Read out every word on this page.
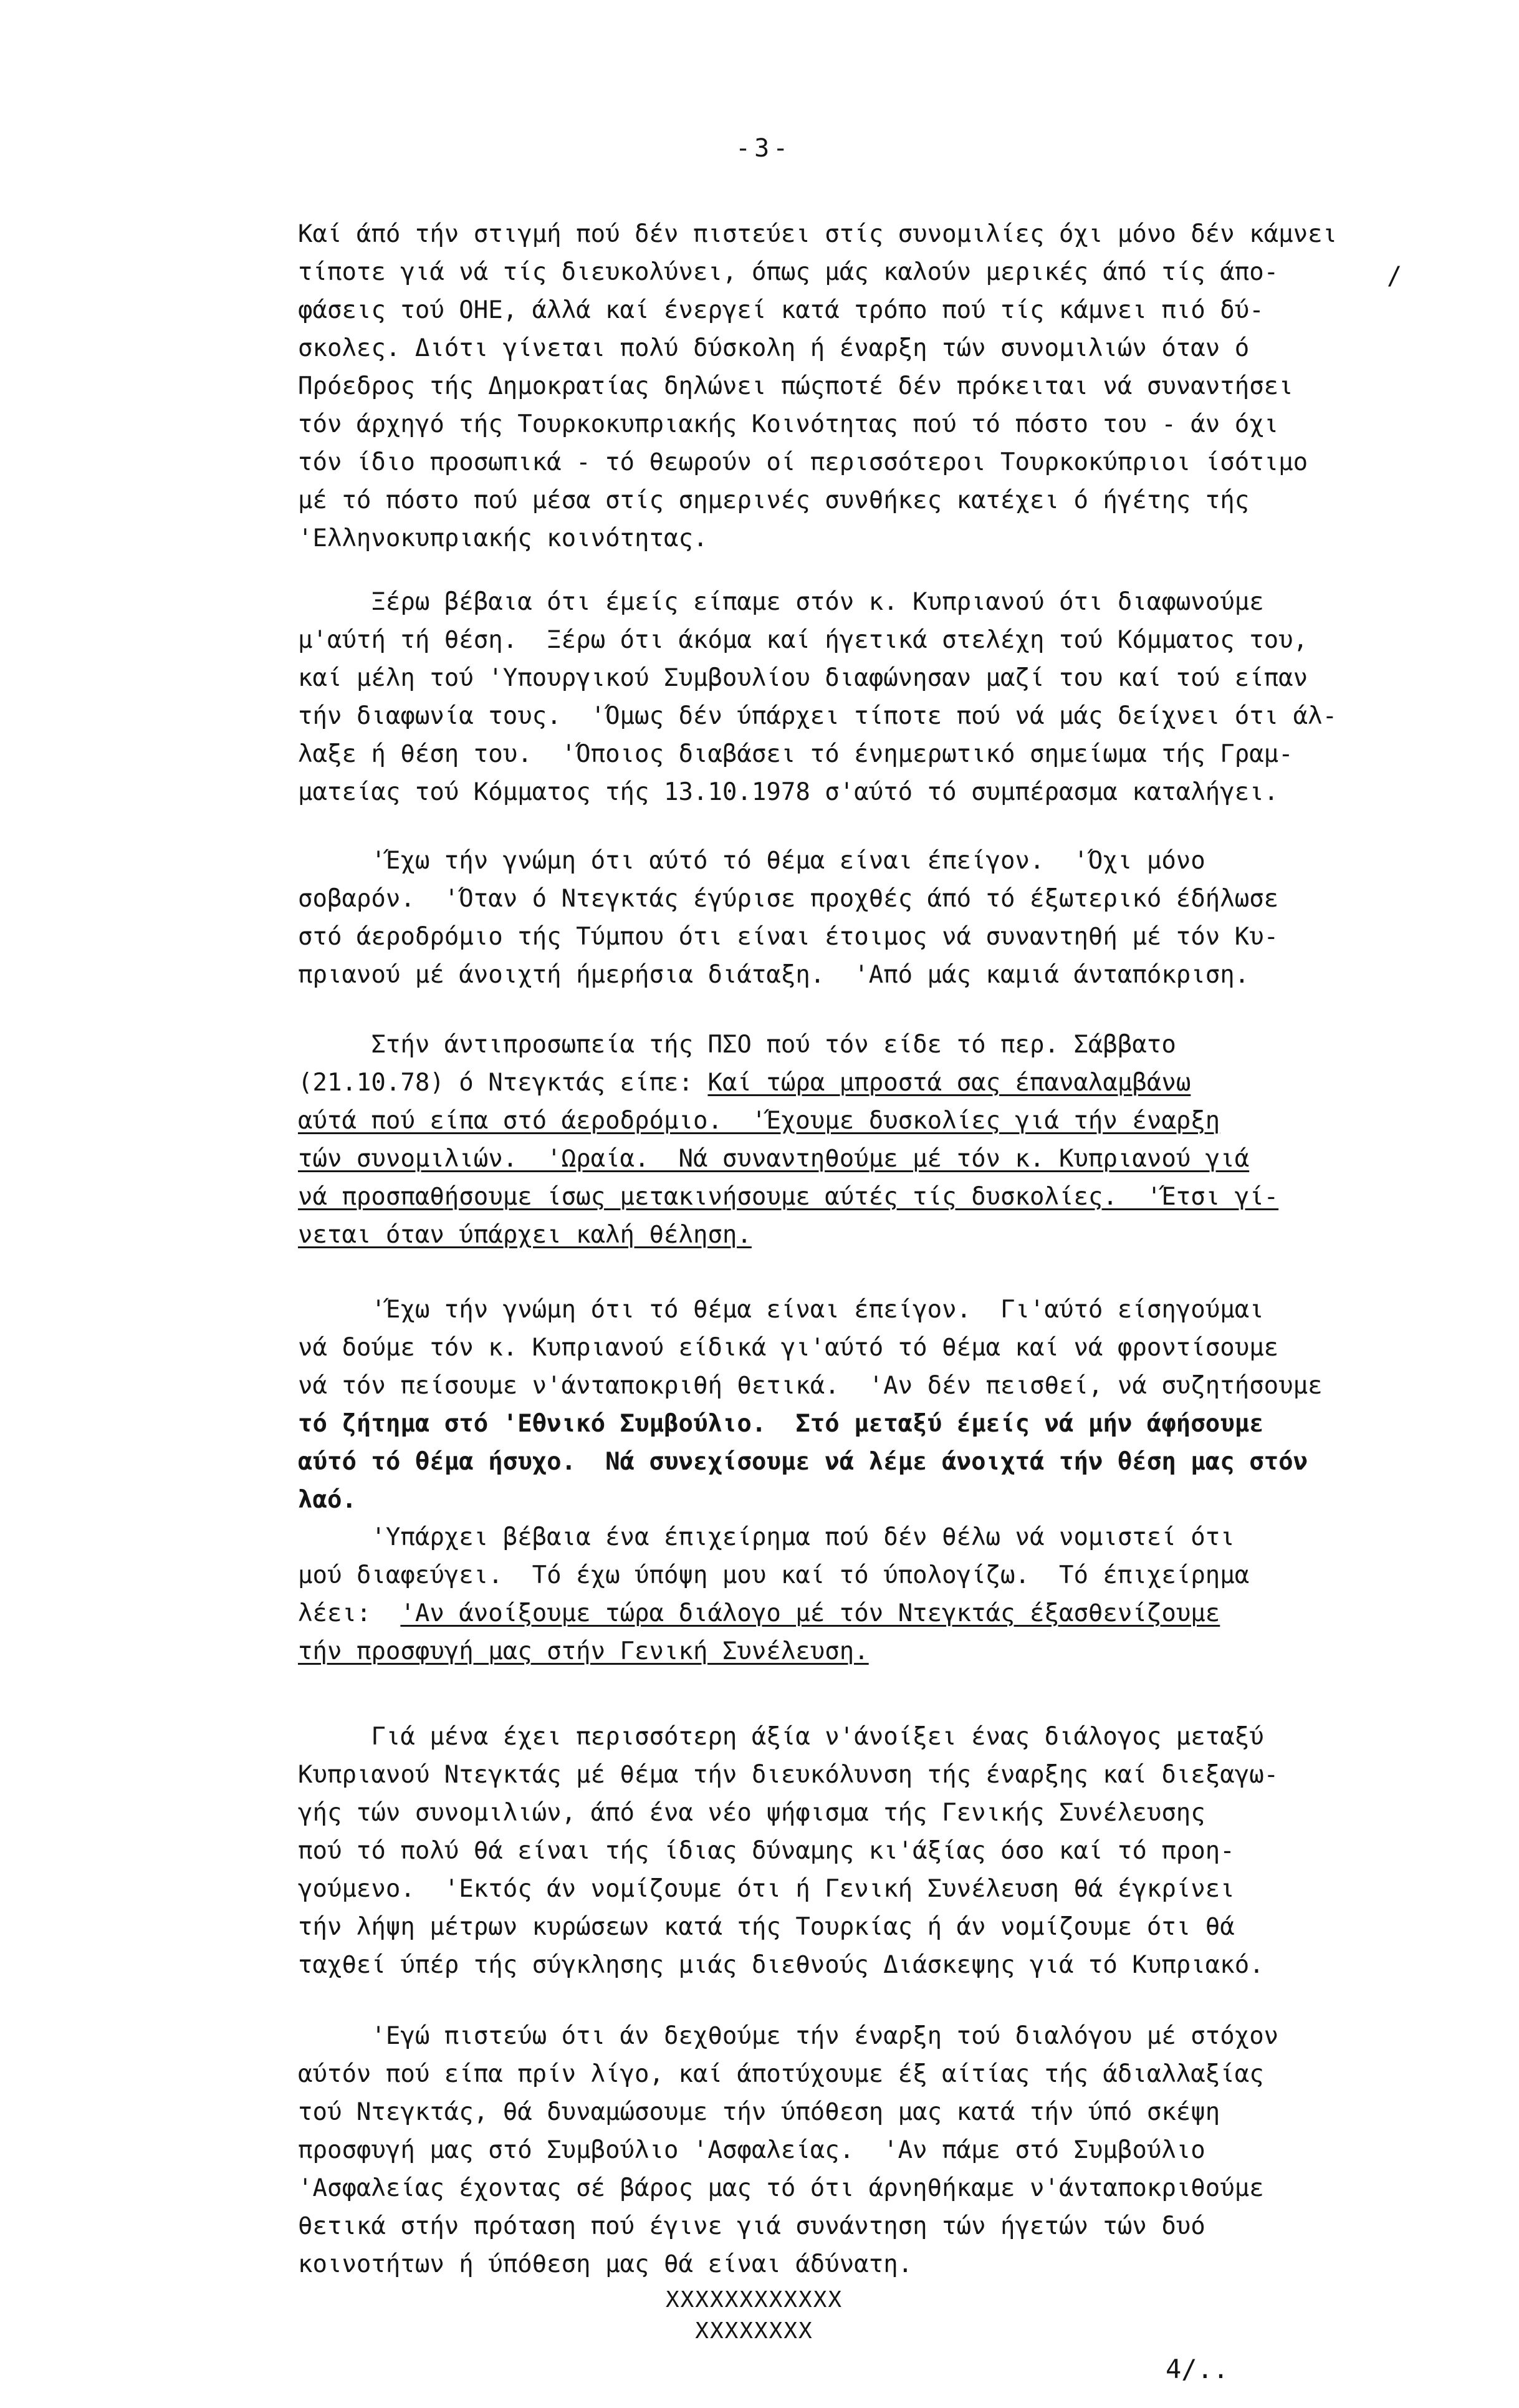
-3-
/
Καί άπό τήν στιγμή πού δέν πιστεύει στίς συνομιλίες όχι μόνο δέν κάμνει
τίποτε γιά νά τίς διευκολύνει, όπως μάς καλούν μερικές άπό τίς άπο-
φάσεις τού ΟΗΕ, άλλά καί ένεργεί κατά τρόπο πού τίς κάμνει πιό δύ-
σκολες. Διότι γίνεται πολύ δύσκολη ή έναρξη τών συνομιλιών όταν ό
Πρόεδρος τής Δημοκρατίας δηλώνει πώςποτέ δέν πρόκειται νά συναντήσει
τόν άρχηγό τής Τουρκοκυπριακής Κοινότητας πού τό πόστο του - άν όχι
τόν ίδιο προσωπικά - τό θεωρούν οί περισσότεροι Τουρκοκύπριοι ίσότιμο
μέ τό πόστο πού μέσα στίς σημερινές συνθήκες κατέχει ό ήγέτης τής
'Ελληνοκυπριακής κοινότητας.
Ξέρω βέβαια ότι έμείς είπαμε στόν κ. Κυπριανού ότι διαφωνούμε
μ'αύτή τή θέση.  Ξέρω ότι άκόμα καί ήγετικά στελέχη τού Κόμματος του,
καί μέλη τού 'Υπουργικού Συμβουλίου διαφώνησαν μαζί του καί τού είπαν
τήν διαφωνία τους.  'Όμως δέν ύπάρχει τίποτε πού νά μάς δείχνει ότι άλ-
λαξε ή θέση του.  'Όποιος διαβάσει τό ένημερωτικό σημείωμα τής Γραμ-
ματείας τού Κόμματος τής 13.10.1978 σ'αύτό τό συμπέρασμα καταλήγει.
'Έχω τήν γνώμη ότι αύτό τό θέμα είναι έπείγον.  'Όχι μόνο
σοβαρόν.  'Όταν ό Ντεγκτάς έγύρισε προχθές άπό τό έξωτερικό έδήλωσε
στό άεροδρόμιο τής Τύμπου ότι είναι έτοιμος νά συναντηθή μέ τόν Κυ-
πριανού μέ άνοιχτή ήμερήσια διάταξη.  'Από μάς καμιά άνταπόκριση.
Στήν άντιπροσωπεία τής ΠΣΟ πού τόν είδε τό περ. Σάββατο
(21.10.78) ό Ντεγκτάς είπε: Καί τώρα μπροστά σας έπαναλαμβάνω
αύτά πού είπα στό άεροδρόμιο.  'Έχουμε δυσκολίες γιά τήν έναρξη
τών συνομιλιών.  'Ωραία.  Νά συναντηθούμε μέ τόν κ. Κυπριανού γιά
νά προσπαθήσουμε ίσως μετακινήσουμε αύτές τίς δυσκολίες.  'Έτσι γί-
νεται όταν ύπάρχει καλή θέληση.
'Έχω τήν γνώμη ότι τό θέμα είναι έπείγον.  Γι'αύτό είσηγούμαι
νά δούμε τόν κ. Κυπριανού είδικά γι'αύτό τό θέμα καί νά φροντίσουμε
νά τόν πείσουμε ν'άνταποκριθή θετικά.  'Αν δέν πεισθεί, νά συζητήσουμε
τό ζήτημα στό 'Εθνικό Συμβούλιο.  Στό μεταξύ έμείς νά μήν άφήσουμε
αύτό τό θέμα ήσυχο.  Νά συνεχίσουμε νά λέμε άνοιχτά τήν θέση μας στόν
λαό.
'Υπάρχει βέβαια ένα έπιχείρημα πού δέν θέλω νά νομιστεί ότι
μού διαφεύγει.  Τό έχω ύπόψη μου καί τό ύπολογίζω.  Τό έπιχείρημα
λέει:  'Αν άνοίξουμε τώρα διάλογο μέ τόν Ντεγκτάς έξασθενίζουμε
τήν προσφυγή μας στήν Γενική Συνέλευση.
Γιά μένα έχει περισσότερη άξία ν'άνοίξει ένας διάλογος μεταξύ
Κυπριανού Ντεγκτάς μέ θέμα τήν διευκόλυνση τής έναρξης καί διεξαγω-
γής τών συνομιλιών, άπό ένα νέο ψήφισμα τής Γενικής Συνέλευσης
πού τό πολύ θά είναι τής ίδιας δύναμης κι'άξίας όσο καί τό προη-
γούμενο.  'Εκτός άν νομίζουμε ότι ή Γενική Συνέλευση θά έγκρίνει
τήν λήψη μέτρων κυρώσεων κατά τής Τουρκίας ή άν νομίζουμε ότι θά
ταχθεί ύπέρ τής σύγκλησης μιάς διεθνούς Διάσκεψης γιά τό Κυπριακό.
'Εγώ πιστεύω ότι άν δεχθούμε τήν έναρξη τού διαλόγου μέ στόχον
αύτόν πού είπα πρίν λίγο, καί άποτύχουμε έξ αίτίας τής άδιαλλαξίας
τού Ντεγκτάς, θά δυναμώσουμε τήν ύπόθεση μας κατά τήν ύπό σκέψη
προσφυγή μας στό Συμβούλιο 'Ασφαλείας.  'Αν πάμε στό Συμβούλιο
'Ασφαλείας έχοντας σέ βάρος μας τό ότι άρνηθήκαμε ν'άνταποκριθούμε
θετικά στήν πρόταση πού έγινε γιά συνάντηση τών ήγετών τών δυό
κοινοτήτων ή ύπόθεση μας θά είναι άδύνατη.
XXXXXXXXXXXX
XXXXXXXX
4/..
